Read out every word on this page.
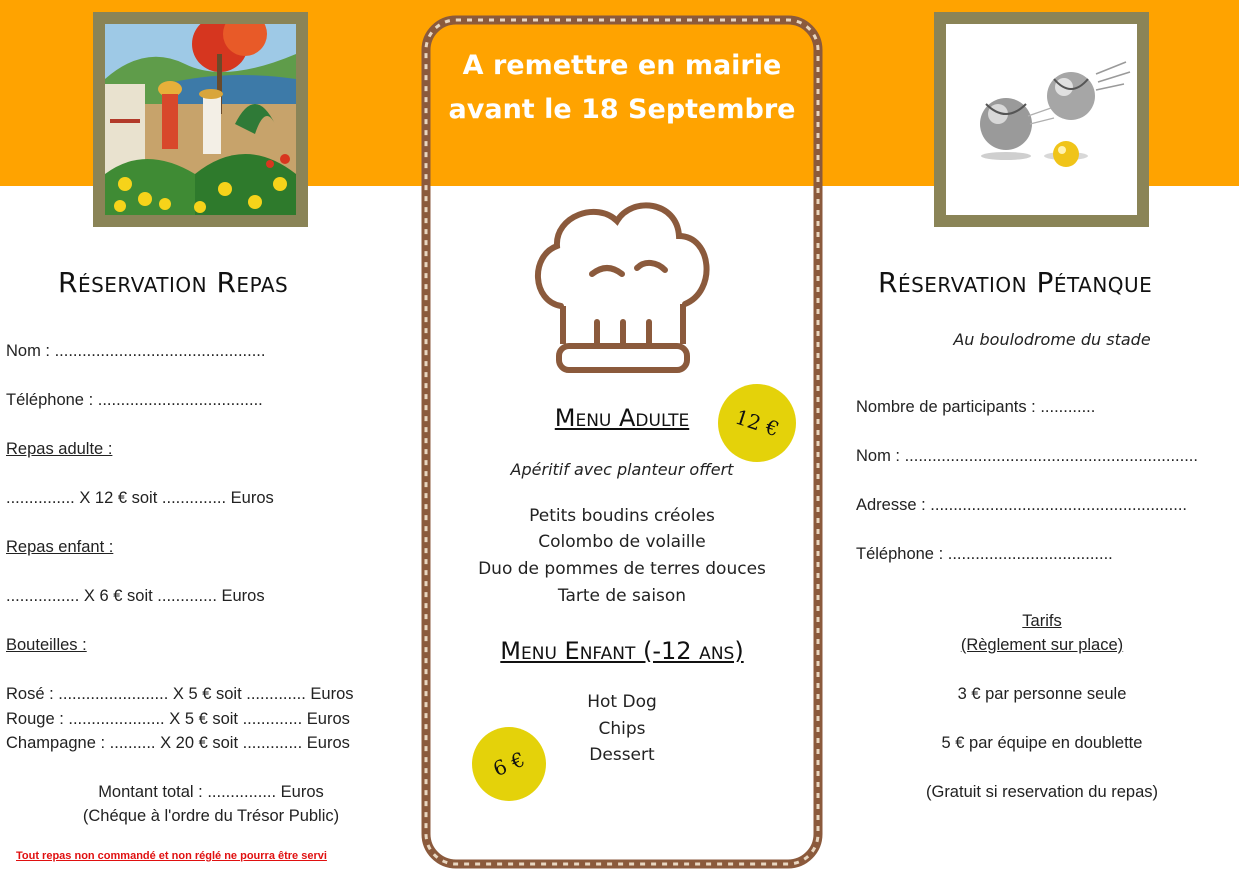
A remettre en mairie
avant le 18 Septembre
Menu Adulte	12 €
Apéritif avec planteur offert
Petits boudins créoles
Colombo de volaille
Duo de pommes de terres douces
Tarte de saison
Menu Enfant (-12 ans)
Hot Dog
Chips
Dessert
6 €
Réservation Repas
Nom : ..............................................
Téléphone : ....................................
Repas adulte :
............... X 12 € soit .............. Euros
Repas enfant :
................ X 6 € soit ............. Euros
Bouteilles :
Rosé : ........................ X 5 € soit ............. Euros
Rouge : ..................... X 5 € soit ............. Euros
Champagne : .......... X 20 € soit ............. Euros
Montant total : ............... Euros
(Chéque à l'ordre du Trésor Public)
Tout repas non commandé et non réglé ne pourra être servi
Réservation Pétanque
Au boulodrome du stade
Nombre de participants : ............
Nom : ................................................................
Adresse : ........................................................
Téléphone : ....................................
Tarifs
(Règlement sur place)
3 € par personne seule
5 € par équipe en doublette
(Gratuit si reservation du repas)
